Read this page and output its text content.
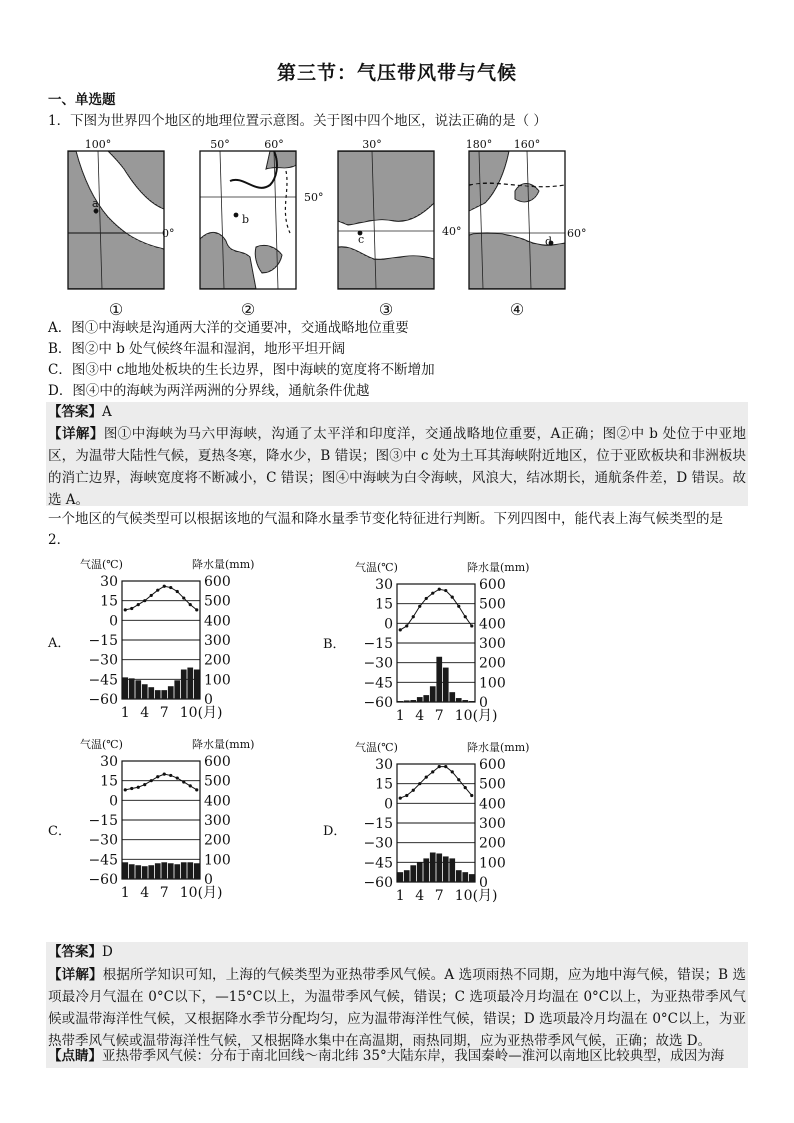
第三节：气压带风带与气候
一、单选题
1．下图为世界四个地区的地理位置示意图。关于图中四个地区，说法正确的是（ ）
100°
0°
a
①
50°	60°
50°
b
②
30°
40°
c
③
180° 160°
60°
d
④
A．图①中海峡是沟通两大洋的交通要冲，交通战略地位重要
B．图②中 b 处气候终年温和湿润，地形平坦开阔
C．图③中 c地地处板块的生长边界，图中海峡的宽度将不断增加
D．图④中的海峡为两洋两洲的分界线，通航条件优越
【答案】A
【详解】图①中海峡为马六甲海峡，沟通了太平洋和印度洋，交通战略地位重要，A正确；图②中 b 处位于中亚地区，为温带大陆性气候，夏热冬寒，降水少，B 错误；图③中 c 处为土耳其海峡附近地区，位于亚欧板块和非洲板块的消亡边界，海峡宽度将不断减小，C 错误；图④中海峡为白令海峡，风浪大，结冰期长，通航条件差，D 错误。故选 A。
一个地区的气候类型可以根据该地的气温和降水量季节变化特征进行判断。下列四图中，能代表上海气候类型的是
2．
A．
气温(℃)	降水量(mm)
30	600
15	500
0	400
−15	300
−30	200
−45	100
−60	0
1 4 7 10(月)
B．
气温(℃)	降水量(mm)
30	600
15	500
0	400
−15	300
−30	200
−45	100
−60	0
1 4 7 10(月)
C．
气温(℃)	降水量(mm)
30	600
15	500
0	400
−15	300
−30	200
−45	100
−60	0
1 4 7 10(月)
D．
气温(℃)	降水量(mm)
30	600
15	500
0	400
−15	300
−30	200
−45	100
−60	0
1 4 7 10(月)
【答案】D
【详解】根据所学知识可知，上海的气候类型为亚热带季风气候。A 选项雨热不同期，应为地中海气候，错误；B 选项最冷月气温在 0°C以下，—15°C以上，为温带季风气候，错误；C 选项最冷月均温在 0°C以上，为亚热带季风气候或温带海洋性气候，又根据降水季节分配均匀，应为温带海洋性气候，错误；D 选项最冷月均温在 0°C以上，为亚热带季风气候或温带海洋性气候，又根据降水集中在高温期，雨热同期，应为亚热带季风气候，正确；故选 D。
【点睛】亚热带季风气候：分布于南北回线～南北纬 35°大陆东岸，我国秦岭—淮河以南地区比较典型，成因为海
